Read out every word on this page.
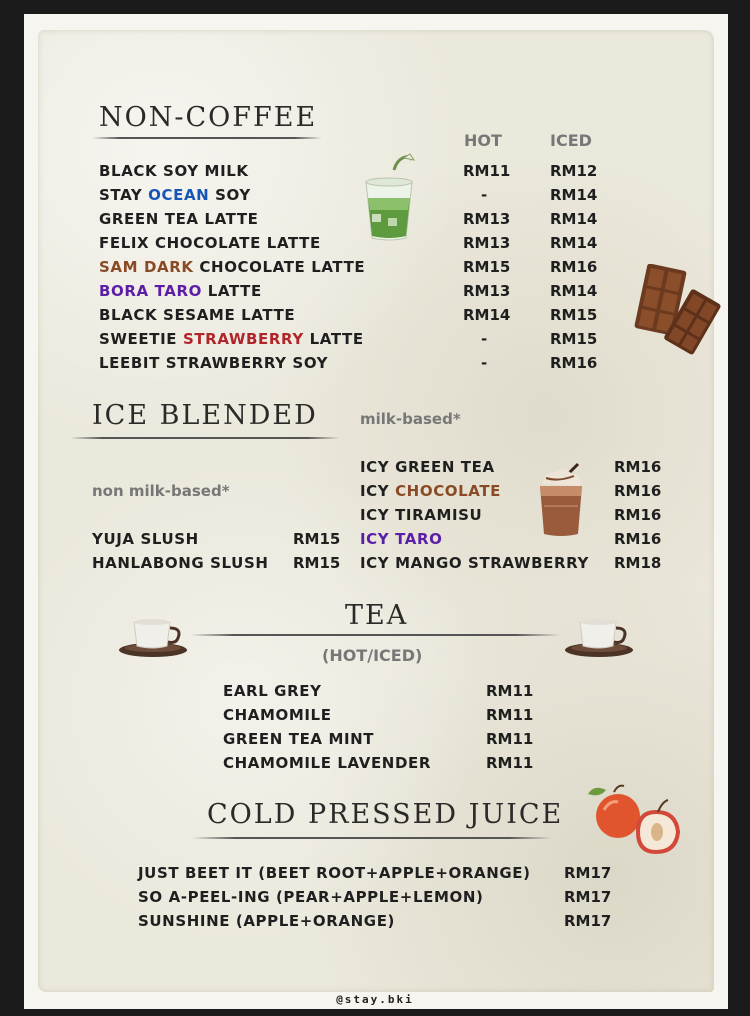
NON-COFFEE
HOT	ICED
BLACK SOY MILK	RM11	RM12
STAY OCEAN SOY	-	RM14
GREEN TEA LATTE	RM13	RM14
FELIX CHOCOLATE LATTE	RM13	RM14
SAM DARK CHOCOLATE LATTE	RM15	RM16
BORA TARO LATTE	RM13	RM14
BLACK SESAME LATTE	RM14	RM15
SWEETIE STRAWBERRY LATTE	-	RM15
LEEBIT STRAWBERRY SOY	-	RM16
ICE BLENDED	milk-based*
non milk-based*
YUJA SLUSH	RM15
HANLABONG SLUSH RM15
ICY GREEN TEA	RM16
ICY CHOCOLATE	RM16
ICY TIRAMISU	RM16
ICY TARO	RM16
ICY MANGO STRAWBERRY RM18
TEA
(HOT/ICED)
EARL GREY	RM11
CHAMOMILE	RM11
GREEN TEA MINT	RM11
CHAMOMILE LAVENDER	RM11
COLD PRESSED JUICE
JUST BEET IT (BEET ROOT+APPLE+ORANGE) RM17
SO A-PEEL-ING (PEAR+APPLE+LEMON)	RM17
SUNSHINE (APPLE+ORANGE)	RM17
@stay.bki
